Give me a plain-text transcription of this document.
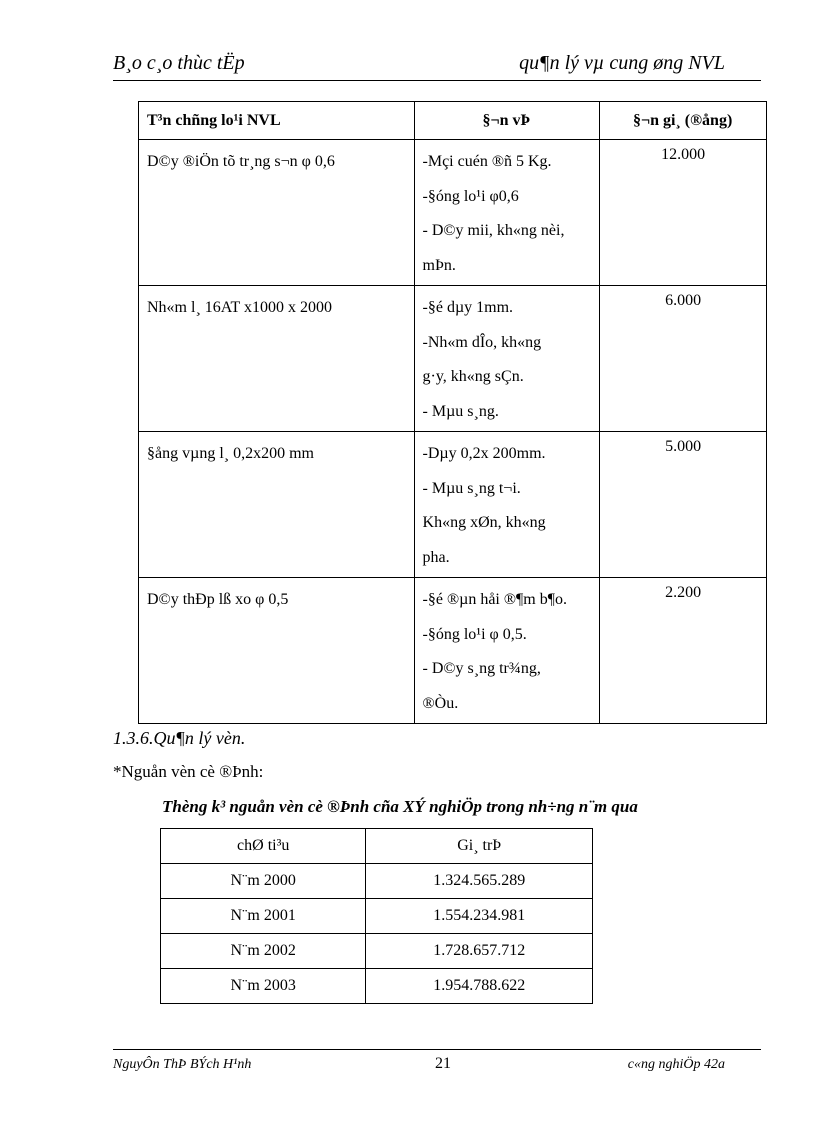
B¸o c¸o thùc tËp	qu¶n lý vµ cung øng NVL
T³n chñng lo¹i NVL	§¬n vÞ	§¬n gi¸ (®ång)
D©y ®iÖn tõ tr¸ng s¬n φ 0,6	-Mçi cuén ®ñ 5 Kg.
-§óng lo¹i φ0,6
- D©y mii, kh«ng nèi,
mÞn.	12.000
Nh«m l¸ 16AT x1000 x 2000	-§é dµy 1mm.
-Nh«m dÎo, kh«ng
g·y, kh«ng sÇn.
- Mµu s¸ng.	6.000
§ång vµng l¸ 0,2x200 mm	-Dµy 0,2x 200mm.
- Mµu s¸ng t¬i.
Kh«ng xØn, kh«ng
pha.	5.000
D©y thÐp lß xo φ 0,5	-§é ®µn håi ®¶m b¶o.
-§óng lo¹i φ 0,5.
- D©y s¸ng tr¾ng,
®Òu.	2.200
1.3.6.Qu¶n lý vèn.
*Nguån vèn cè ®Þnh:
Thèng k³ nguån vèn cè ®Þnh cña XÝ nghiÖp trong nh÷ng n¨m qua
chØ ti³u	Gi¸ trÞ
N¨m 2000	1.324.565.289
N¨m 2001	1.554.234.981
N¨m 2002	1.728.657.712
N¨m 2003	1.954.788.622
NguyÔn ThÞ BÝch H¹nh	21	c«ng nghiÖp 42a
